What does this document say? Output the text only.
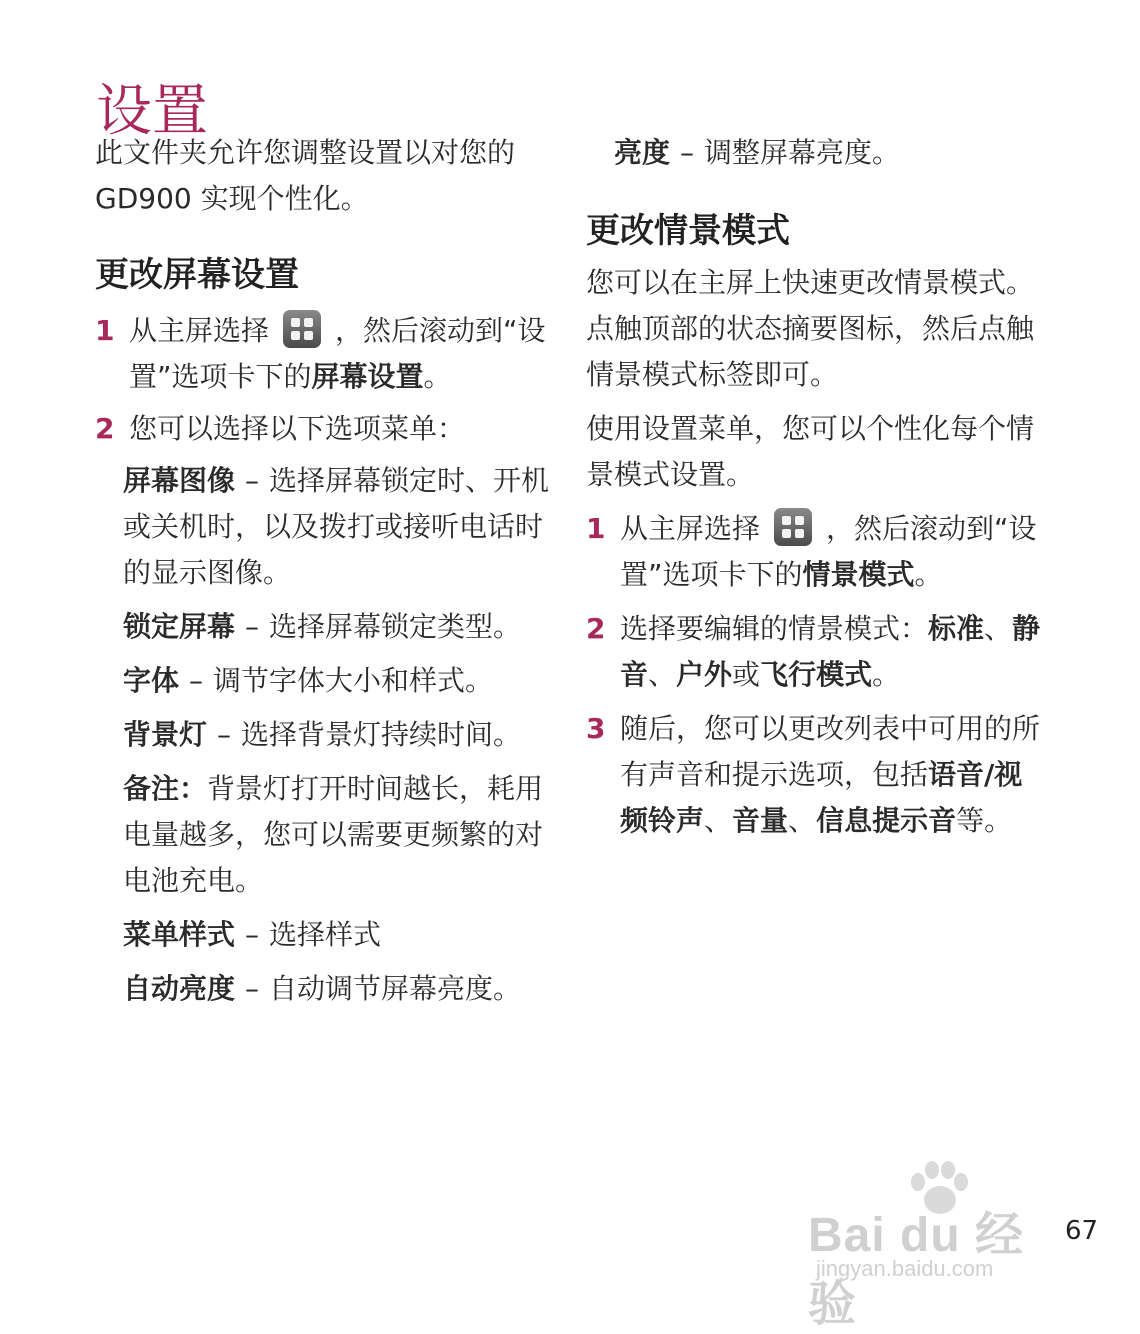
设置

此文件夹允许您调整设置以对您的 GD900 实现个性化。

更改屏幕设置
1 从主屏选择 ，然后滚动到“设置”选项卡下的屏幕设置。
2 您可以选择以下选项菜单：

屏幕图像 – 选择屏幕锁定时、开机或关机时，以及拨打或接听电话时的显示图像。

锁定屏幕 – 选择屏幕锁定类型。

字体 – 调节字体大小和样式。

背景灯 – 选择背景灯持续时间。

备注：背景灯打开时间越长，耗用电量越多，您可以需要更频繁的对电池充电。

菜单样式 – 选择样式

自动亮度 – 自动调节屏幕亮度。

亮度 – 调整屏幕亮度。

更改情景模式

您可以在主屏上快速更改情景模式。 点触顶部的状态摘要图标，然后点触情景模式标签即可。

使用设置菜单，您可以个性化每个情景模式设置。

1 从主屏选择 ，然后滚动到“设置”选项卡下的情景模式。
2 选择要编辑的情景模式：标准、静音、户外或飞行模式。
3 随后，您可以更改列表中可用的所有声音和提示选项，包括语音/视频铃声、音量、信息提示音等。
Bai du 经验
jingyan.baidu.com
67
